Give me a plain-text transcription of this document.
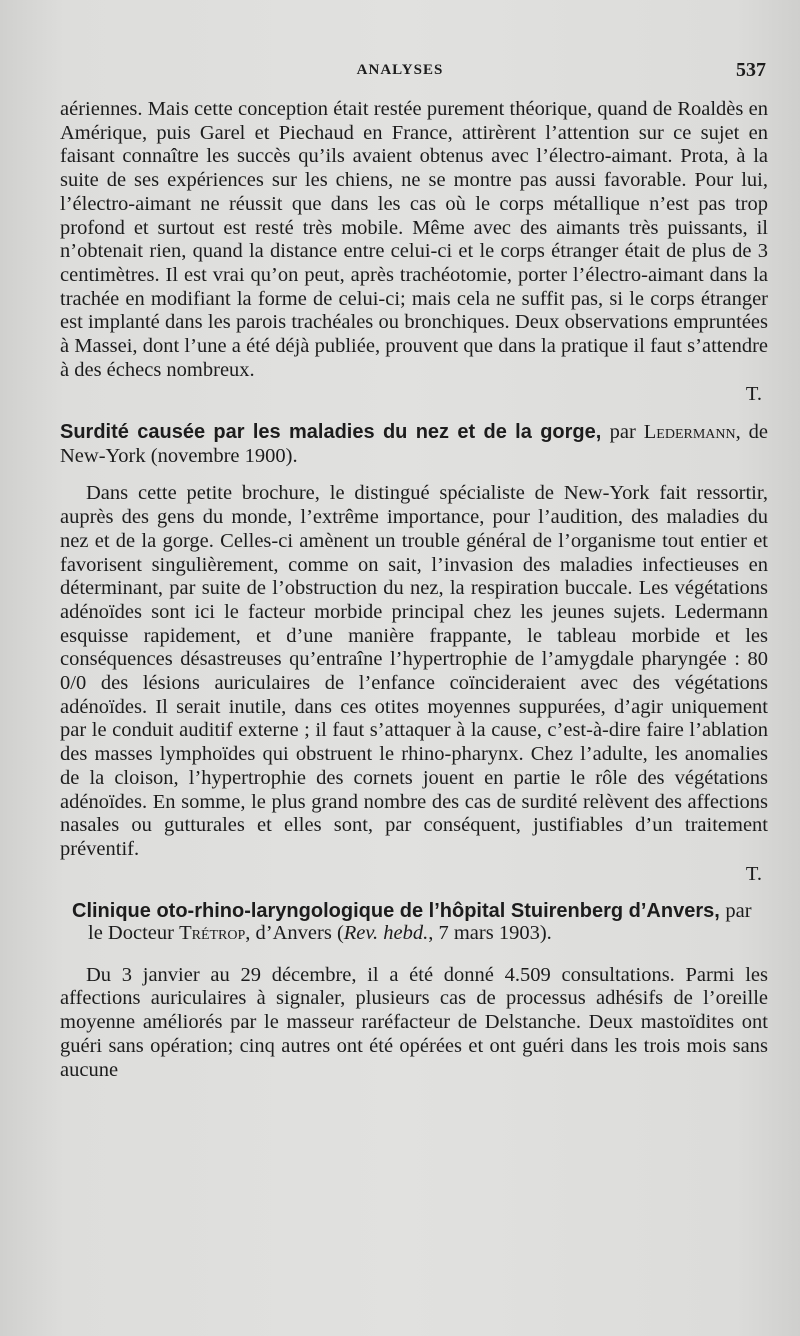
ANALYSES	537

aériennes. Mais cette conception était restée purement théorique, quand de Roaldès en Amérique, puis Garel et Piechaud en France, attirèrent l’attention sur ce sujet en faisant connaître les succès qu’ils avaient obtenus avec l’électro-aimant. Prota, à la suite de ses expériences sur les chiens, ne se montre pas aussi favorable. Pour lui, l’électro-aimant ne réussit que dans les cas où le corps métallique n’est pas trop profond et surtout est resté très mobile. Même avec des aimants très puissants, il n’obtenait rien, quand la distance entre celui-ci et le corps étranger était de plus de 3 centimètres. Il est vrai qu’on peut, après trachéotomie, porter l’électro-aimant dans la trachée en modifiant la forme de celui-ci; mais cela ne suffit pas, si le corps étranger est implanté dans les parois trachéales ou bronchiques. Deux observations empruntées à Massei, dont l’une a été déjà publiée, prouvent que dans la pratique il faut s’attendre à des échecs nombreux.

T.

Surdité causée par les maladies du nez et de la gorge, par Ledermann, de New-York (novembre 1900).

Dans cette petite brochure, le distingué spécialiste de New-York fait ressortir, auprès des gens du monde, l’extrême importance, pour l’audition, des maladies du nez et de la gorge. Celles-ci amènent un trouble général de l’organisme tout entier et favorisent singulièrement, comme on sait, l’invasion des maladies infectieuses en déterminant, par suite de l’obstruction du nez, la respiration buccale. Les végétations adénoïdes sont ici le facteur morbide principal chez les jeunes sujets. Ledermann esquisse rapidement, et d’une manière frappante, le tableau morbide et les conséquences désastreuses qu’entraîne l’hypertrophie de l’amygdale pharyngée : 80 0/0 des lésions auriculaires de l’enfance coïncideraient avec des végétations adénoïdes. Il serait inutile, dans ces otites moyennes suppurées, d’agir uniquement par le conduit auditif externe ; il faut s’attaquer à la cause, c’est-à-dire faire l’ablation des masses lymphoïdes qui obstruent le rhino-pharynx. Chez l’adulte, les anomalies de la cloison, l’hypertrophie des cornets jouent en partie le rôle des végétations adénoïdes. En somme, le plus grand nombre des cas de surdité relèvent des affections nasales ou gutturales et elles sont, par conséquent, justifiables d’un traitement préventif.

T.

Clinique oto-rhino-laryngologique de l’hôpital Stuirenberg d’Anvers, par le Docteur Trétrop, d’Anvers (Rev. hebd., 7 mars 1903).

Du 3 janvier au 29 décembre, il a été donné 4.509 consultations. Parmi les affections auriculaires à signaler, plusieurs cas de processus adhésifs de l’oreille moyenne améliorés par le masseur raréfacteur de Delstanche. Deux mastoïdites ont guéri sans opération; cinq autres ont été opérées et ont guéri dans les trois mois sans aucune
